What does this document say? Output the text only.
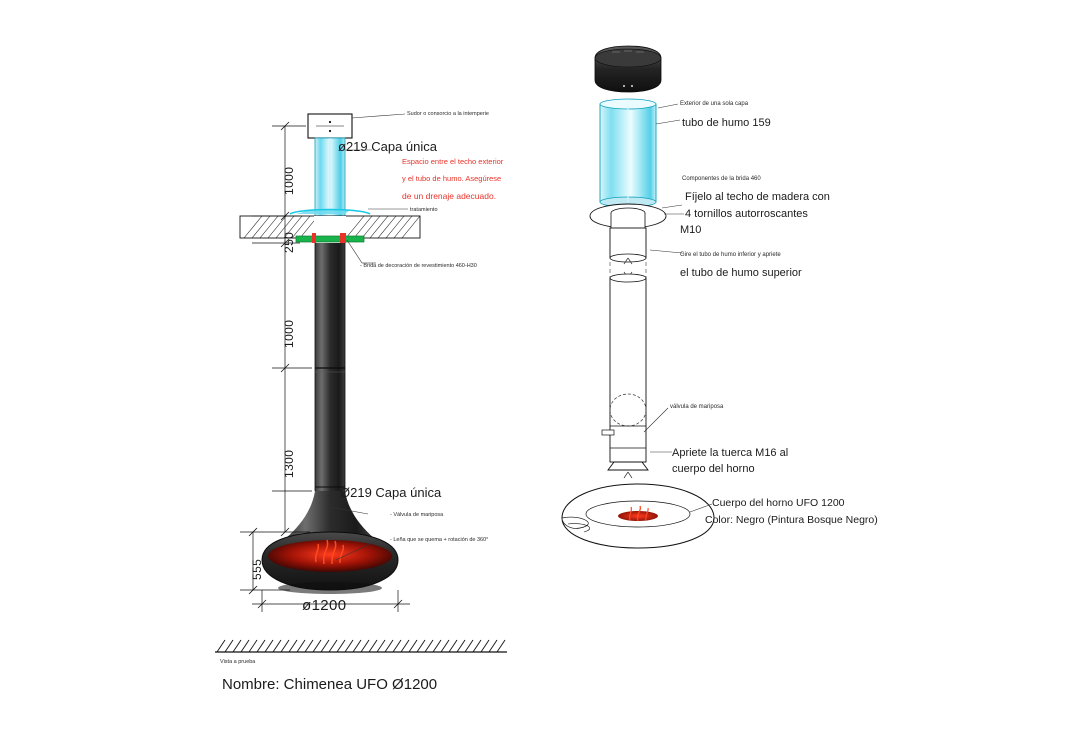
1000
250
1000
1300
555
ø1200
Sudor o consorcio a la intemperie
ø219 Capa única
Espacio entre el techo exterior
y el tubo de humo. Asegúrese
de un drenaje adecuado.
tratamiento
- Brida de decoración de revestimiento 460-H30
Ø219 Capa única
- Válvula de mariposa
- Leña que se quema + rotación de 360°
Vista a prueba
Nombre: Chimenea UFO Ø1200
Exterior de una sola capa
tubo de humo 159
Componentes de la brida 460
Fíjelo al techo de madera con
4 tornillos autorroscantes
M10
Gire el tubo de humo inferior y apriete
el tubo de humo superior
válvula de mariposa
Apriete la tuerca M16 al
cuerpo del horno
Cuerpo del horno UFO 1200
Color: Negro (Pintura Bosque Negro)
